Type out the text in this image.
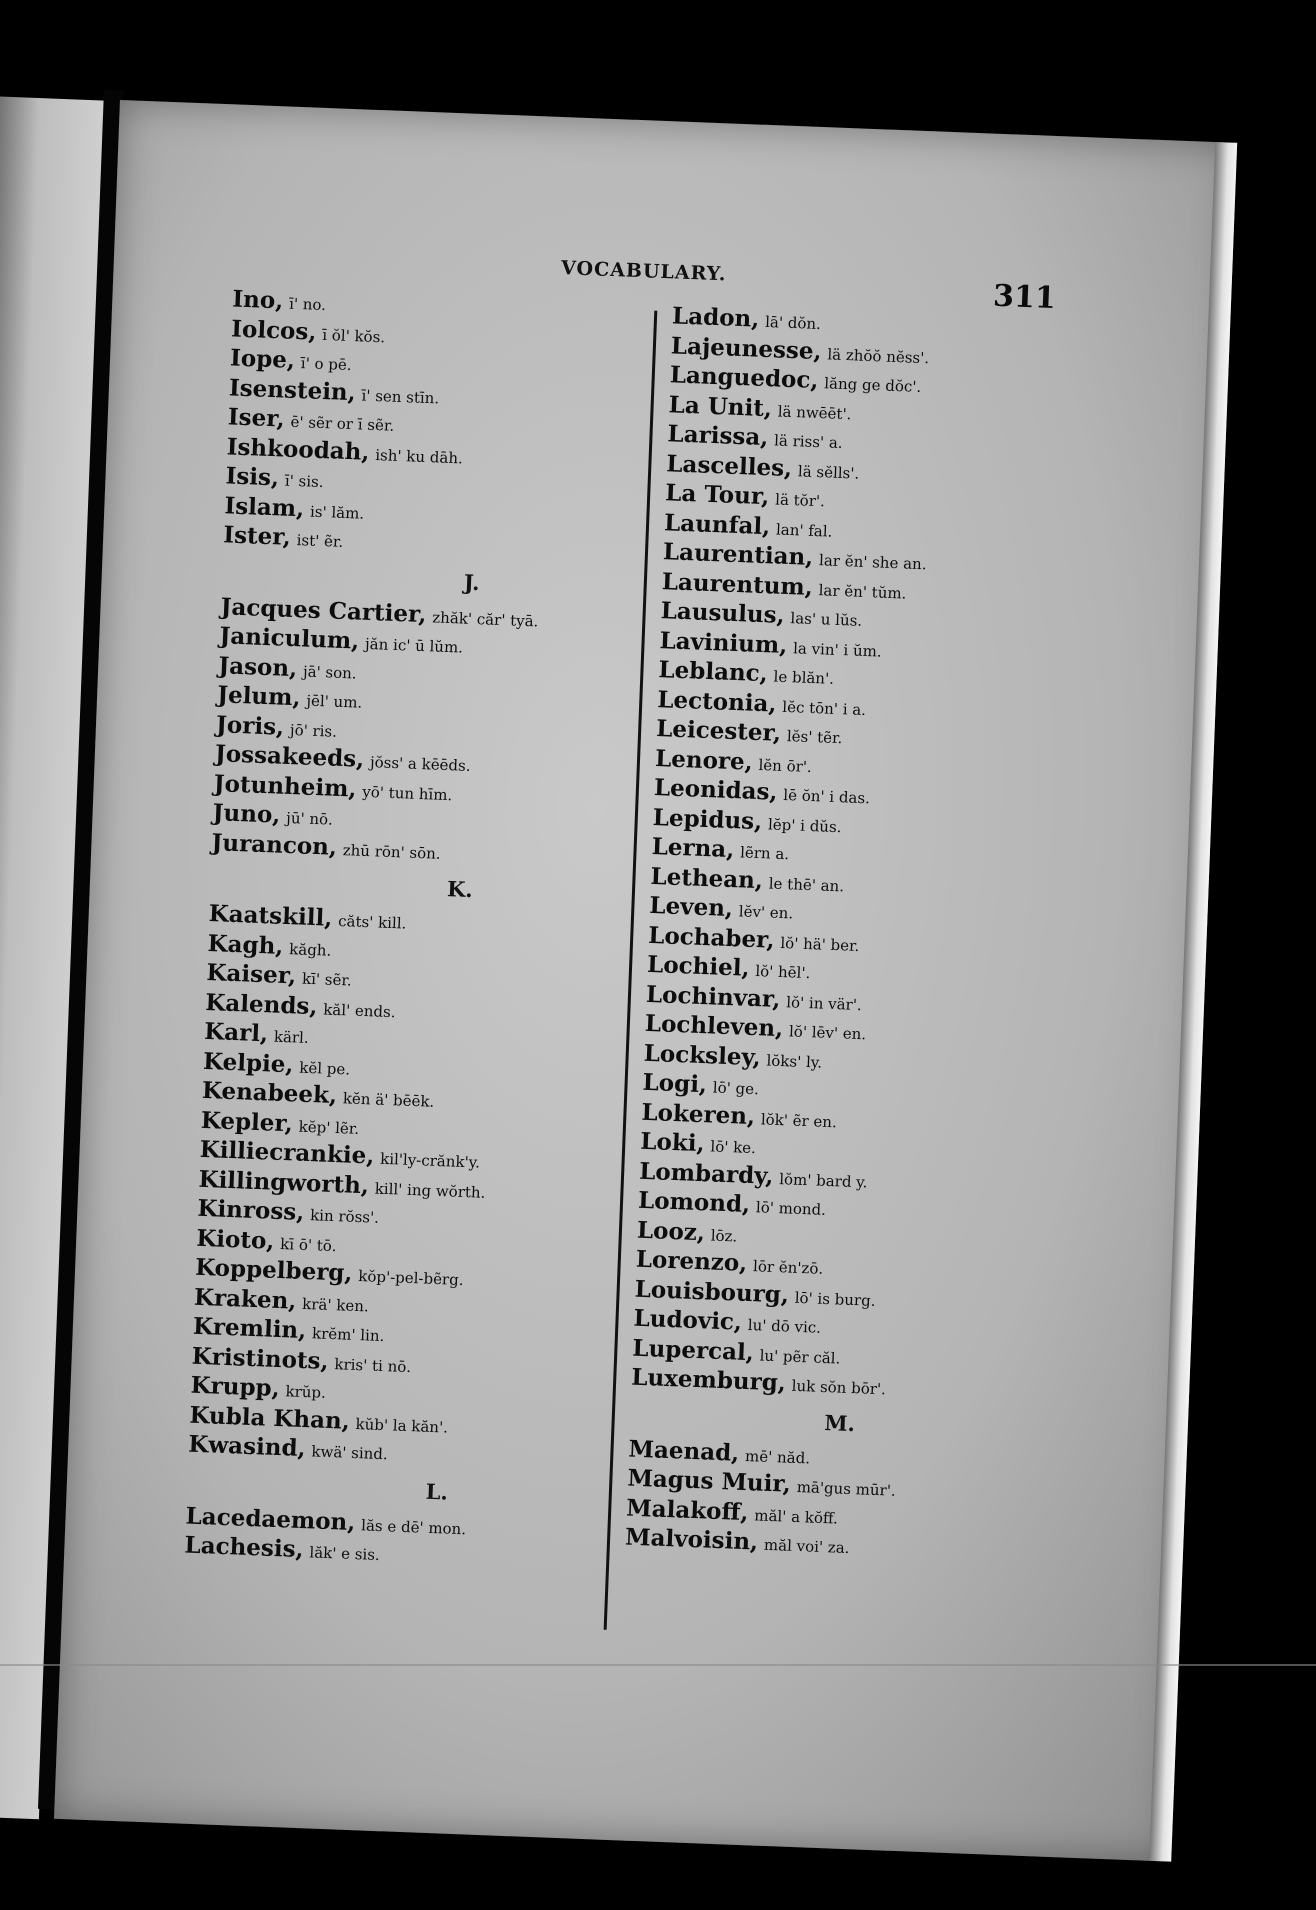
VOCABULARY.
311
Ino, ī' no.
Iolcos, ī ŏl' kŏs.
Iope, ī' o pē.
Isenstein, ī' sen stīn.
Iser, ē' sẽr or ī sẽr.
Ishkoodah, ish' ku dāh.
Isis, ī' sis.
Islam, is' lăm.
Ister, ist' ẽr.
J.
Jacques Cartier, zhăk' căr' tyā.
Janiculum, jăn ic' ū lŭm.
Jason, jā' son.
Jelum, jēl' um.
Joris, jō' ris.
Jossakeeds, jŏss' a kēēds.
Jotunheim, yō' tun hīm.
Juno, jū' nō.
Jurancon, zhū rōn' sōn.
K.
Kaatskill, căts' kill.
Kagh, kăgh.
Kaiser, kī' sẽr.
Kalends, kăl' ends.
Karl, kärl.
Kelpie, kĕl pe.
Kenabeek, kĕn ä' bēēk.
Kepler, kĕp' lẽr.
Killiecrankie, kil'ly-crănk'y.
Killingworth, kill' ing wŏrth.
Kinross, kin rŏss'.
Kioto, kī ō' tō.
Koppelberg, kŏp'-pel-bẽrg.
Kraken, krä' ken.
Kremlin, krĕm' lin.
Kristinots, kris' ti nō.
Krupp, krŭp.
Kubla Khan, kŭb' la kăn'.
Kwasind, kwä' sind.
L.
Lacedaemon, lăs e dē' mon.
Lachesis, lăk' e sis.
Ladon, lā' dŏn.
Lajeunesse, lä zhŏŏ nĕss'.
Languedoc, lăng ge dŏc'.
La Unit, lä nwēēt'.
Larissa, lä riss' a.
Lascelles, lä sĕlls'.
La Tour, lä tŏr'.
Launfal, lan' fal.
Laurentian, lar ĕn' she an.
Laurentum, lar ĕn' tŭm.
Lausulus, las' u lŭs.
Lavinium, la vin' i ŭm.
Leblanc, le blăn'.
Lectonia, lĕc tōn' i a.
Leicester, lĕs' tẽr.
Lenore, lĕn ōr'.
Leonidas, lē ŏn' i das.
Lepidus, lĕp' i dŭs.
Lerna, lẽrn a.
Lethean, le thē' an.
Leven, lĕv' en.
Lochaber, lŏ' hä' ber.
Lochiel, lŏ' hēl'.
Lochinvar, lŏ' in vär'.
Lochleven, lŏ' lēv' en.
Locksley, lŏks' ly.
Logi, lō' ge.
Lokeren, lŏk' ẽr en.
Loki, lō' ke.
Lombardy, lŏm' bard y.
Lomond, lō' mond.
Looz, lōz.
Lorenzo, lōr ĕn'zō.
Louisbourg, lō' is burg.
Ludovic, lu' dō vic.
Lupercal, lu' pẽr căl.
Luxemburg, luk sŏn bōr'.
M.
Maenad, mē' năd.
Magus Muir, mā'gus mūr'.
Malakoff, măl' a kŏff.
Malvoisin, măl voi' za.
